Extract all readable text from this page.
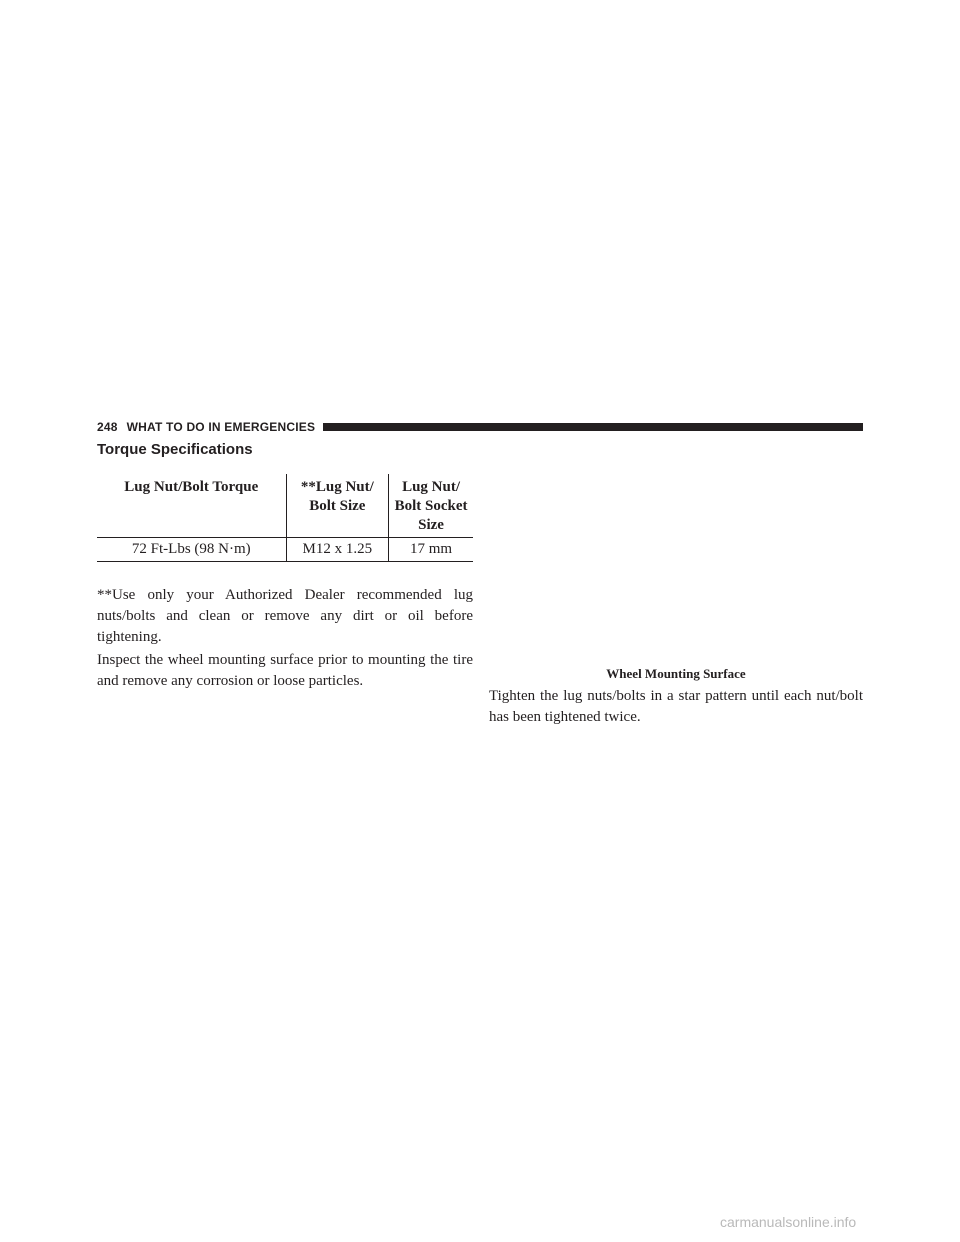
248 WHAT TO DO IN EMERGENCIES
Torque Specifications
Lug Nut/Bolt Torque	**Lug Nut/ Bolt Size	Lug Nut/ Bolt Socket Size
72 Ft-Lbs (98 N·m)	M12 x 1.25	17 mm

**Use only your Authorized Dealer recommended lug nuts/bolts and clean or remove any dirt or oil before tightening.

Inspect the wheel mounting surface prior to mounting the tire and remove any corrosion or loose particles.	Wheel Mounting Surface

Tighten the lug nuts/bolts in a star pattern until each nut/bolt has been tightened twice.

carmanualsonline.info
